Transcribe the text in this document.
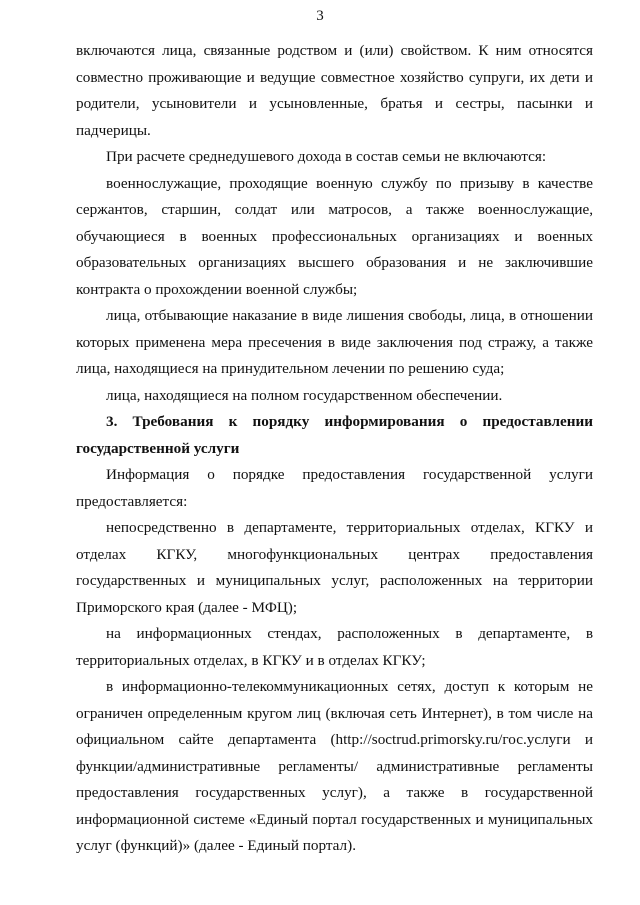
3

включаются лица, связанные родством и (или) свойством. К ним относятся совместно проживающие и ведущие совместное хозяйство супруги, их дети и родители, усыновители и усыновленные, братья и сестры, пасынки и падчерицы.

При расчете среднедушевого дохода в состав семьи не включаются:

военнослужащие, проходящие военную службу по призыву в качестве сержантов, старшин, солдат или матросов, а также военнослужащие, обучающиеся в военных профессиональных организациях и военных образовательных организациях высшего образования и не заключившие контракта о прохождении военной службы;

лица, отбывающие наказание в виде лишения свободы, лица, в отношении которых применена мера пресечения в виде заключения под стражу, а также лица, находящиеся на принудительном лечении по решению суда;

лица, находящиеся на полном государственном обеспечении.

3. Требования к порядку информирования о предоставлении государственной услуги

Информация о порядке предоставления государственной услуги предоставляется:

непосредственно в департаменте, территориальных отделах, КГКУ и отделах КГКУ, многофункциональных центрах предоставления государственных и муниципальных услуг, расположенных на территории Приморского края (далее - МФЦ);

на информационных стендах, расположенных в департаменте, в территориальных отделах, в КГКУ и в отделах КГКУ;

в информационно-телекоммуникационных сетях, доступ к которым не ограничен определенным кругом лиц (включая сеть Интернет), в том числе на официальном сайте департамента (http://soctrud.primorsky.ru/гос.услуги и функции/административные регламенты/ административные регламенты предоставления государственных услуг), а также в государственной информационной системе «Единый портал государственных и муниципальных услуг (функций)» (далее - Единый портал).
